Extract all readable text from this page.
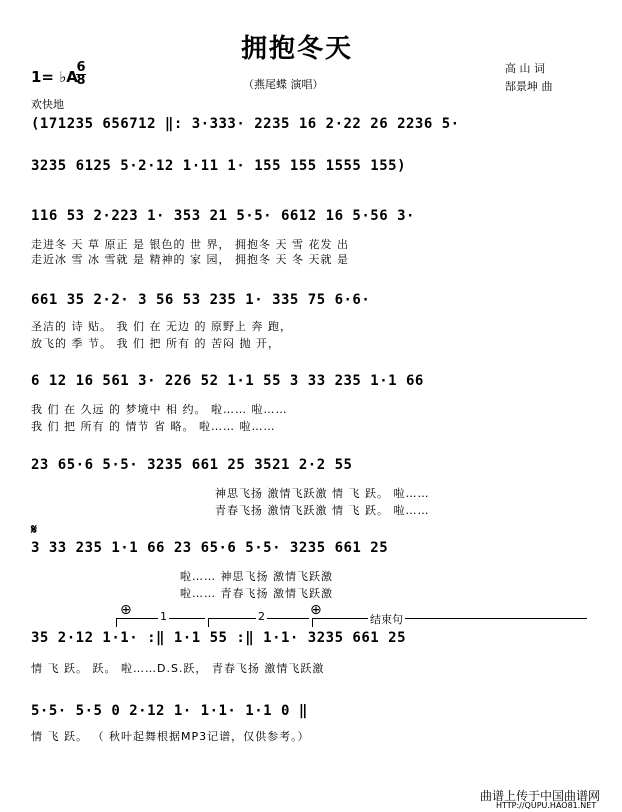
拥抱冬天
（燕尾蝶 演唱）
高 山 词
郜景坤 曲
1= ♭A
6
8
欢快地
(171235 656712 ‖: 3·333· 2235 16 2·22 26 2236 5·
3235 6125 5·2·12 1·11 1· 155 155 1555 155)
116 53 2·223 1· 353 21 5·5· 6612 16 5·56 3·
走进冬 天 草 原正 是 银色的 世 界， 拥抱冬 天 雪 花发 出
走近冰 雪 冰 雪就 是 精神的 家 园， 拥抱冬 天 冬 天就 是
661 35 2·2· 3 56 53 235 1· 335 75 6·6·
圣洁的 诗 贴。 我 们 在 无边 的 原野上 奔 跑，
放飞的 季 节。 我 们 把 所有 的 苦闷 抛 开，
6 12 16 561 3· 226 52 1·1 55 3 33 235 1·1 66
我 们 在 久远 的 梦境中 相 约。 啦…… 啦……
我 们 把 所有 的 情节 省 略。 啦…… 啦……
23 65·6 5·5· 3235 661 25 3521 2·2 55
神思飞扬 激情飞跃激 情 飞 跃。 啦……
青春飞扬 激情飞跃激 情 飞 跃。 啦……
𝄋
3 33 235 1·1 66 23 65·6 5·5· 3235 661 25
啦…… 神思飞扬 激情飞跃激
啦…… 青春飞扬 激情飞跃激
⊕	⊕
1	2	结束句
35 2·12 1·1· :‖ 1·1 55 :‖ 1·1· 3235 661 25
情 飞 跃。 跃。 啦……D.S.跃， 青春飞扬 激情飞跃激
5·5· 5·5 0 2·12 1· 1·1· 1·1 0 ‖
情 飞 跃。 （ 秋叶起舞根据MP3记谱，仅供参考。）
曲谱上传于中国曲谱网
HTTP://QUPU.HAO81.NET
